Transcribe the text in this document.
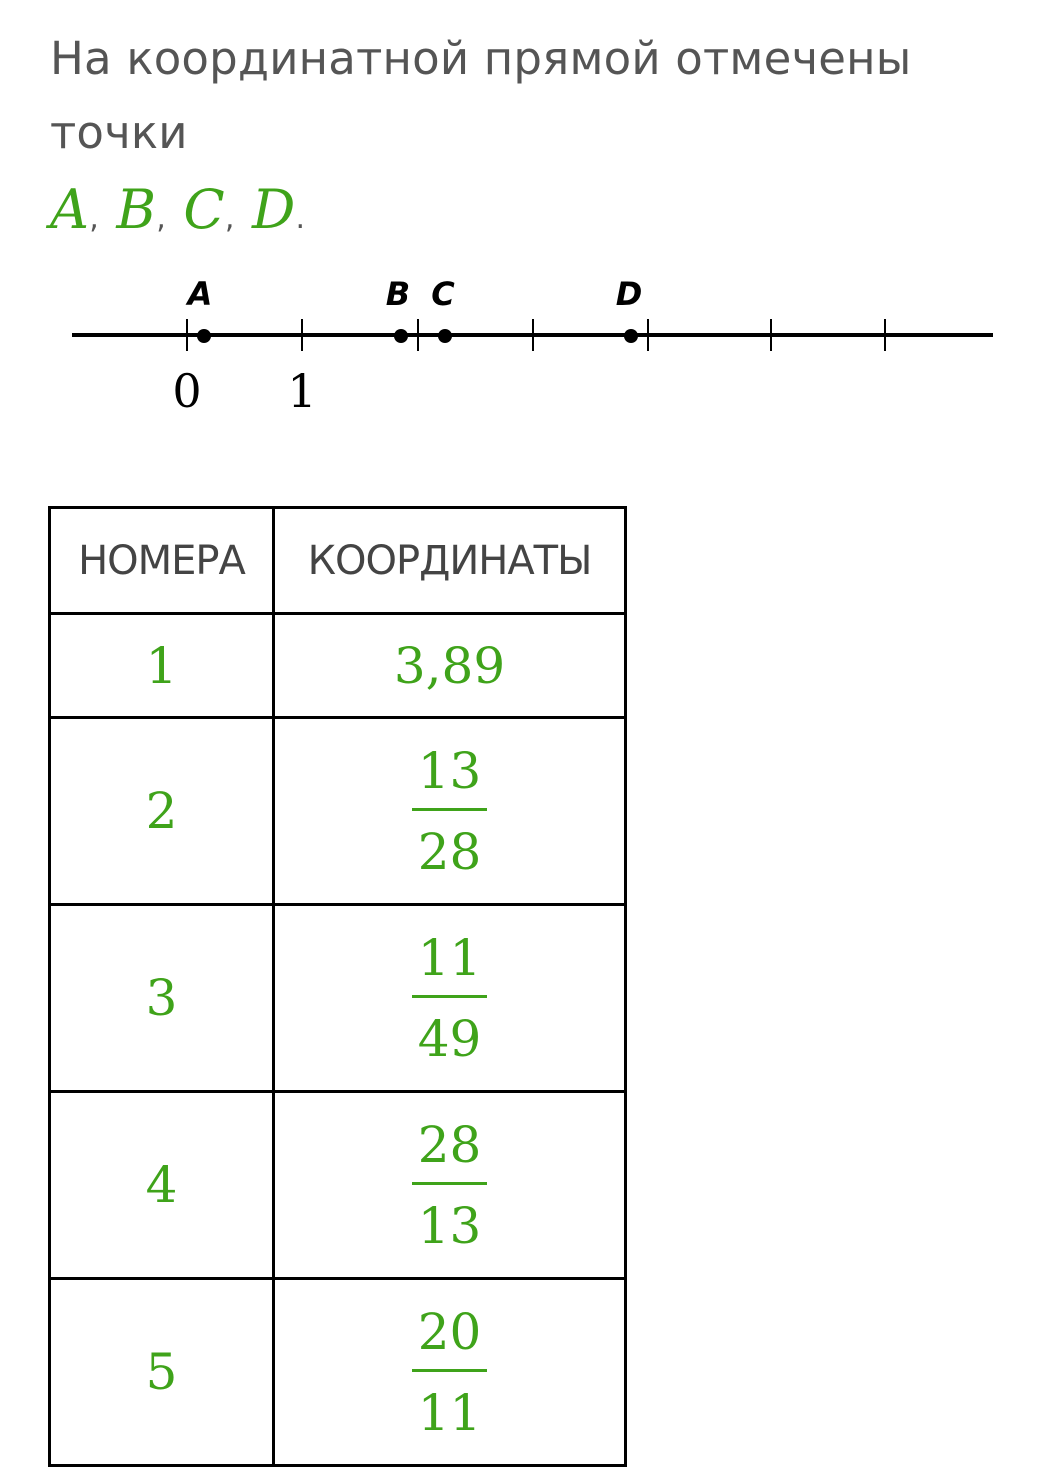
На координатной прямой отмечены точки
A, B, C, D.
A	B C	D
0 1
НОМЕРА	КООРДИНАТЫ
1	3,89
2	$\frac{13}{28}$

3	$\frac{11}{49}$

4	$\frac{28}{13}$

5	$\frac{20}{11}$
